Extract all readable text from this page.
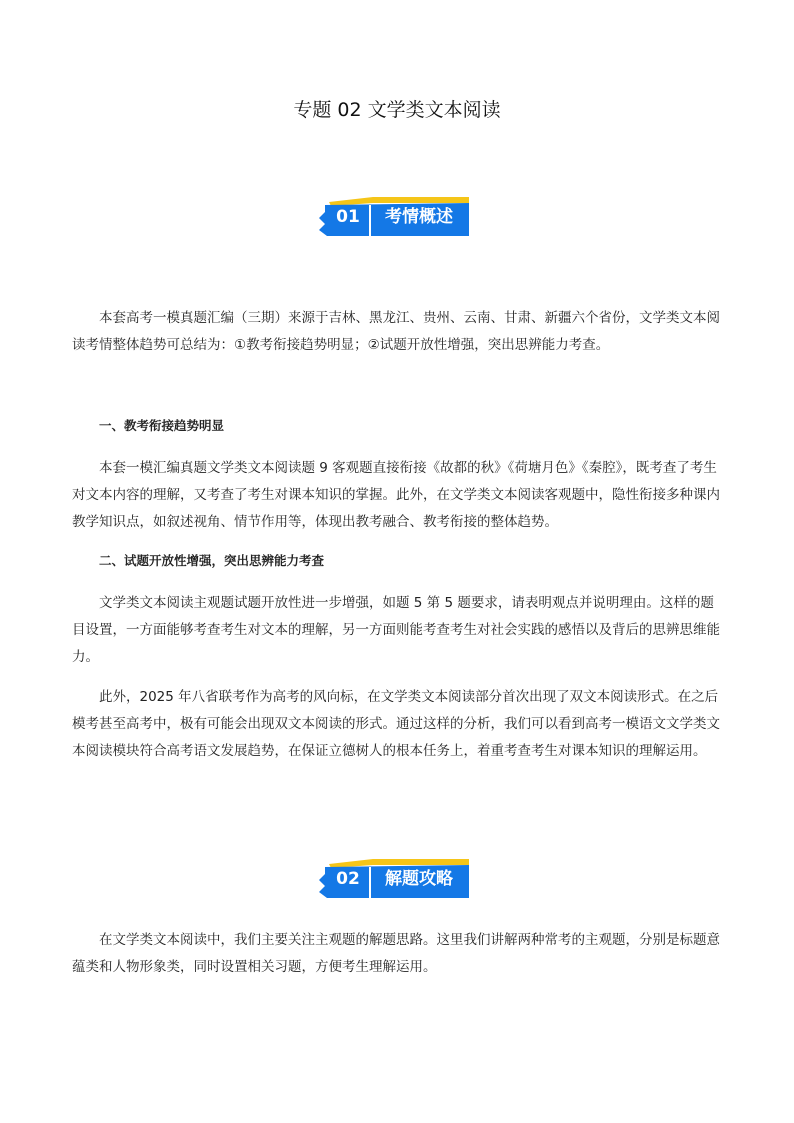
专题 02 文学类文本阅读
01	考情概述

本套高考一模真题汇编（三期）来源于吉林、黑龙江、贵州、云南、甘肃、新疆六个省份，文学类文本阅读考情整体趋势可总结为：①教考衔接趋势明显；②试题开放性增强，突出思辨能力考查。

一、教考衔接趋势明显

本套一模汇编真题文学类文本阅读题 9 客观题直接衔接《故都的秋》《荷塘月色》《秦腔》，既考查了考生对文本内容的理解，又考查了考生对课本知识的掌握。此外，在文学类文本阅读客观题中，隐性衔接多种课内教学知识点，如叙述视角、情节作用等，体现出教考融合、教考衔接的整体趋势。

二、试题开放性增强，突出思辨能力考查

文学类文本阅读主观题试题开放性进一步增强，如题 5 第 5 题要求，请表明观点并说明理由。这样的题目设置，一方面能够考查考生对文本的理解，另一方面则能考查考生对社会实践的感悟以及背后的思辨思维能力。

此外，2025 年八省联考作为高考的风向标，在文学类文本阅读部分首次出现了双文本阅读形式。在之后模考甚至高考中，极有可能会出现双文本阅读的形式。通过这样的分析，我们可以看到高考一模语文文学类文本阅读模块符合高考语文发展趋势，在保证立德树人的根本任务上，着重考查考生对课本知识的理解运用。

02	解题攻略

在文学类文本阅读中，我们主要关注主观题的解题思路。这里我们讲解两种常考的主观题，分别是标题意蕴类和人物形象类，同时设置相关习题，方便考生理解运用。
